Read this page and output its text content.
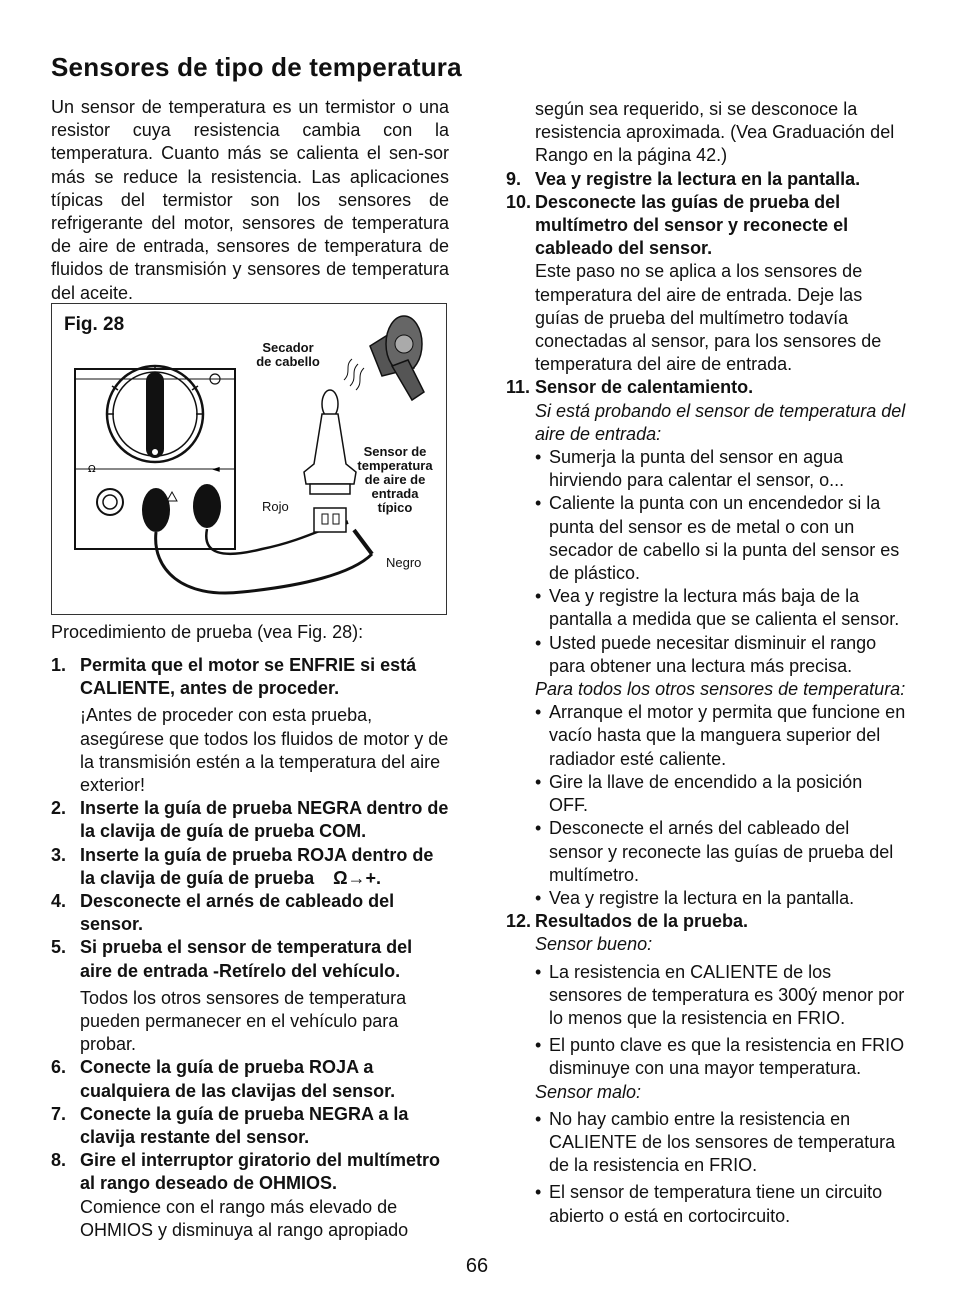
Sensores de tipo de temperatura
Un sensor de temperatura es un termistor o una resistor cuya resistencia cambia con la temperatura. Cuanto más se calienta el sen-sor más se reduce la resistencia. Las aplicaciones típicas del termistor son los sensores de refrigerante del motor, sensores de temperatura de aire de entrada, sensores de temperatura de fluidos de transmisión y sensores de temperatura del aceite.
Ω	◄
Fig. 28
Secador
de cabello
Sensor de
temperatura
de aire de
entrada
típico
Rojo
Negro
Procedimiento de prueba (vea Fig. 28):
1. Permita que el motor se ENFRIE si está CALIENTE, antes de proceder.
¡Antes de proceder con esta prueba, asegúrese que todos los fluidos de motor y de la transmisión estén a la temperatura del aire exterior!
2. Inserte la guía de prueba NEGRA dentro de la clavija de guía de prueba COM.
3. Inserte la guía de prueba ROJA dentro de la clavija de guía de prueba Ω→+.
4. Desconecte el arnés de cableado del sensor.
5. Si prueba el sensor de temperatura del aire de entrada -Retírelo del vehículo.
Todos los otros sensores de temperatura pueden permanecer en el vehículo para probar.
6. Conecte la guía de prueba ROJA a cualquiera de las clavijas del sensor.
7. Conecte la guía de prueba NEGRA a la clavija restante del sensor.
8. Gire el interruptor giratorio del multímetro al rango deseado de OHMIOS.
Comience con el rango más elevado de OHMIOS y disminuya al rango apropiado
según sea requerido, si se desconoce la resistencia aproximada. (Vea Graduación del Rango en la página 42.)
9. Vea y registre la lectura en la pantalla.
10. Desconecte las guías de prueba del multímetro del sensor y reconecte el cableado del sensor.
Este paso no se aplica a los sensores de temperatura del aire de entrada. Deje las guías de prueba del multímetro todavía conectadas al sensor, para los sensores de temperatura del aire de entrada.
11. Sensor de calentamiento.
Si está probando el sensor de temperatura del aire de entrada:
• Sumerja la punta del sensor en agua hirviendo para calentar el sensor, o...
• Caliente la punta con un encendedor si la punta del sensor es de metal o con un secador de cabello si la punta del sensor es de plástico.
• Vea y registre la lectura más baja de la pantalla a medida que se calienta el sensor.
• Usted puede necesitar disminuir el rango para obtener una lectura más precisa.
Para todos los otros sensores de temperatura:
• Arranque el motor y permita que funcione en vacío hasta que la manguera superior del radiador esté caliente.
• Gire la llave de encendido a la posición OFF.
• Desconecte el arnés del cableado del sensor y reconecte las guías de prueba del multímetro.
• Vea y registre la lectura en la pantalla.
12. Resultados de la prueba.
Sensor bueno:
• La resistencia en CALIENTE de los sensores de temperatura es 300ý menor por lo menos que la resistencia en FRIO.
• El punto clave es que la resistencia en FRIO disminuye con una mayor temperatura.
Sensor malo:
• No hay cambio entre la resistencia en CALIENTE de los sensores de temperatura de la resistencia en FRIO.
• El sensor de temperatura tiene un circuito abierto o está en cortocircuito.
66
